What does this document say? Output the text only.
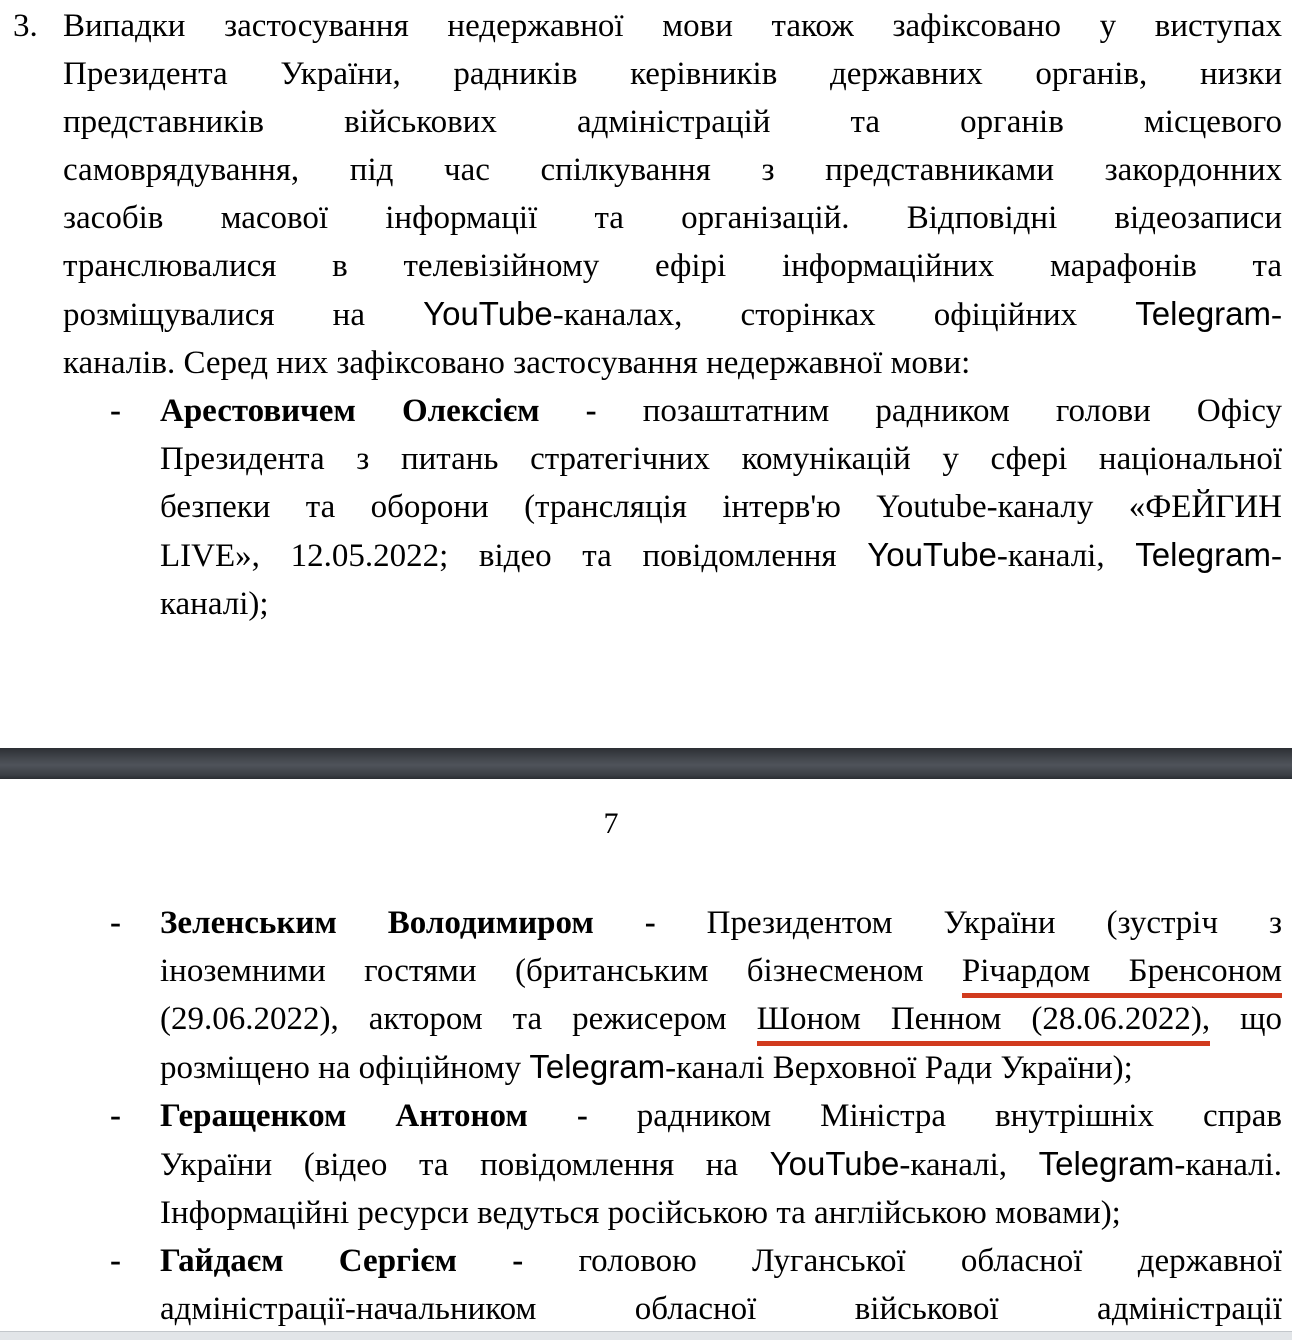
3. Випадки застосування недержавної мови також зафіксовано у виступах
Президента України, радників керівників державних органів, низки
представників військових адміністрацій та органів місцевого
самоврядування, під час спілкування з представниками закордонних
засобів масової інформації та організацій. Відповідні відеозаписи
транслювалися в телевізійному ефірі інформаційних марафонів та
розміщувалися на YouTube-каналах, сторінках офіційних Telegram-
каналів. Серед них зафіксовано застосування недержавної мови:
-	Арестовичем Олексієм - позаштатним радником голови Офісу
Президента з питань стратегічних комунікацій у сфері національної
безпеки та оборони (трансляція інтерв'ю Youtube-каналу «ФЕЙГИН
LIVE», 12.05.2022; відео та повідомлення YouTube-каналі, Telegram-
каналі);
7
-	Зеленським Володимиром - Президентом України (зустріч з
іноземними гостями (британським бізнесменом Річардом Бренсоном
(29.06.2022), актором та режисером Шоном Пенном (28.06.2022), що
розміщено на офіційному Telegram-каналі Верховної Ради України);
-	Геращенком Антоном - радником Міністра внутрішніх справ
України (відео та повідомлення на YouTube-каналі, Telegram-каналі.
Інформаційні ресурси ведуться російською та англійською мовами);
-	Гайдаєм Сергієм - головою Луганської обласної державної
адміністрації-начальником обласної військової адміністрації
